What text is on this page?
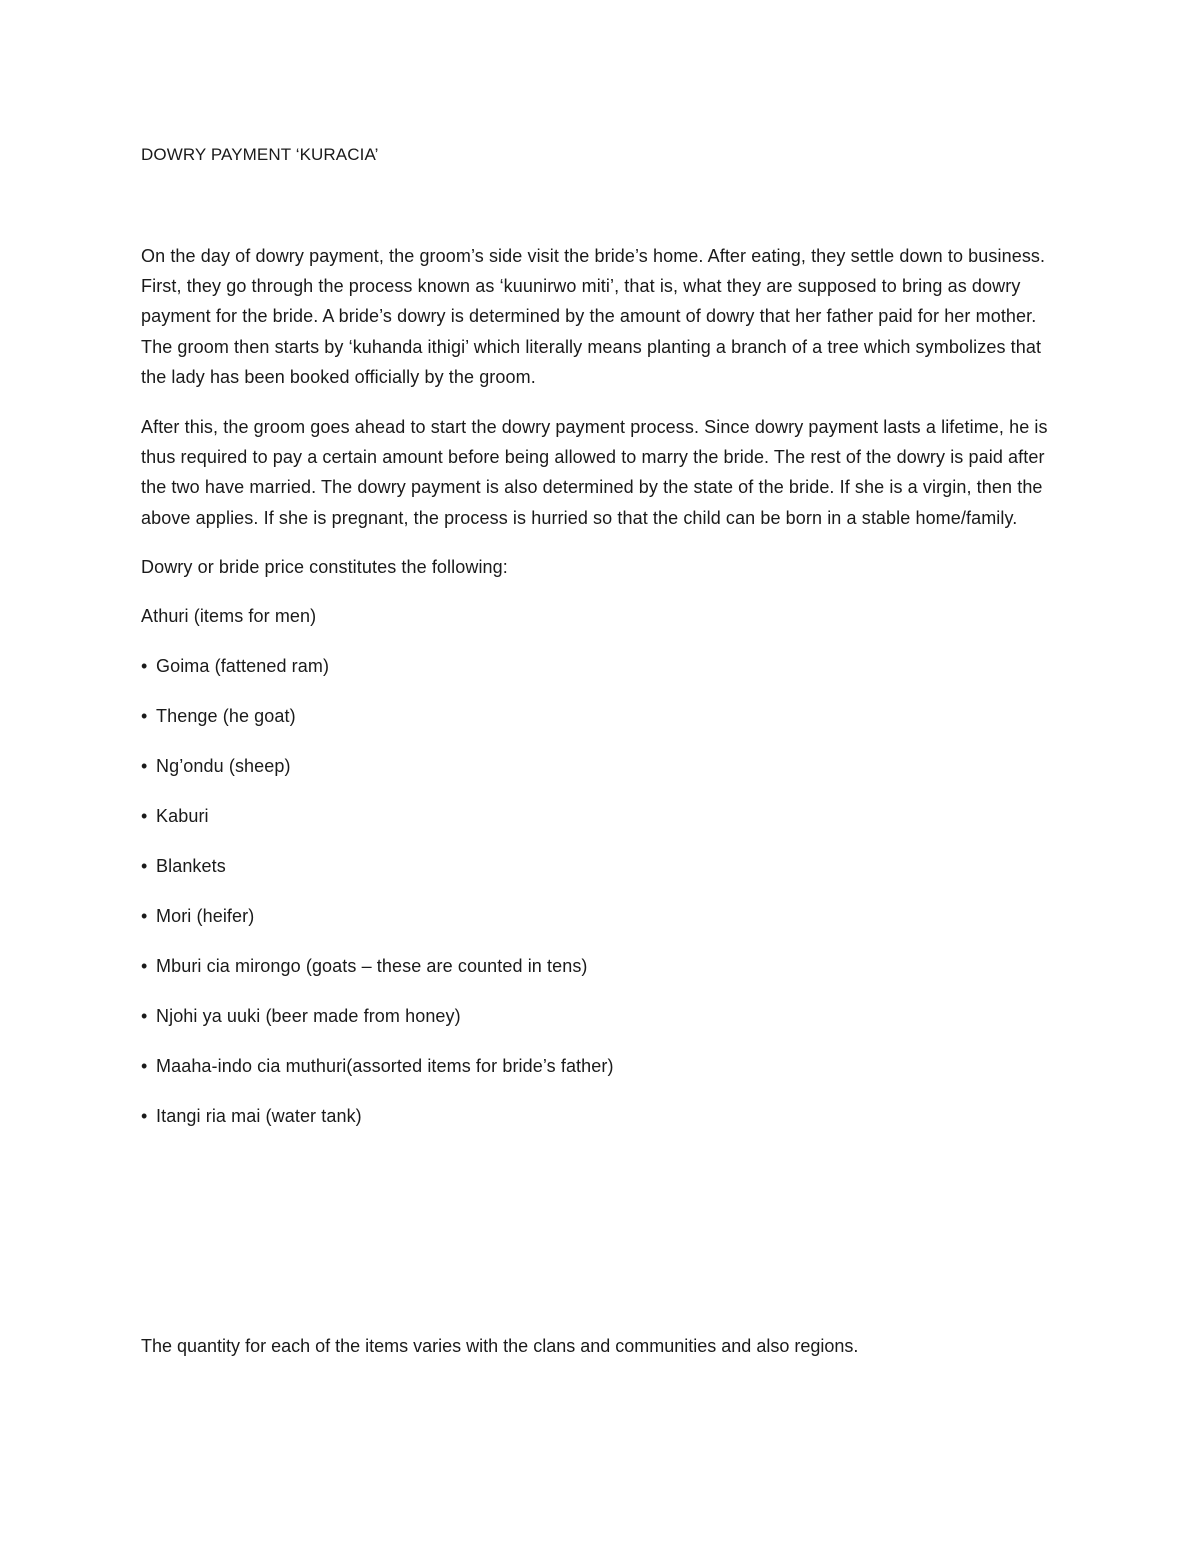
DOWRY PAYMENT ‘KURACIA’

On the day of dowry payment, the groom’s side visit the bride’s home. After eating, they settle down to business. First, they go through the process known as ‘kuunirwo miti’, that is, what they are supposed to bring as dowry payment for the bride. A bride’s dowry is determined by the amount of dowry that her father paid for her mother. The groom then starts by ‘kuhanda ithigi’ which literally means planting a branch of a tree which symbolizes that the lady has been booked officially by the groom.

After this, the groom goes ahead to start the dowry payment process. Since dowry payment lasts a lifetime, he is thus required to pay a certain amount before being allowed to marry the bride. The rest of the dowry is paid after the two have married. The dowry payment is also determined by the state of the bride. If she is a virgin, then the above applies. If she is pregnant, the process is hurried so that the child can be born in a stable home/family.

Dowry or bride price constitutes the following:

Athuri (items for men)

• Goima (fattened ram)
• Thenge (he goat)
• Ng’ondu (sheep)
• Kaburi
• Blankets
• Mori (heifer)
• Mburi cia mirongo (goats – these are counted in tens)
• Njohi ya uuki (beer made from honey)
• Maaha-indo cia muthuri(assorted items for bride’s father)
• Itangi ria mai (water tank)

The quantity for each of the items varies with the clans and communities and also regions.
